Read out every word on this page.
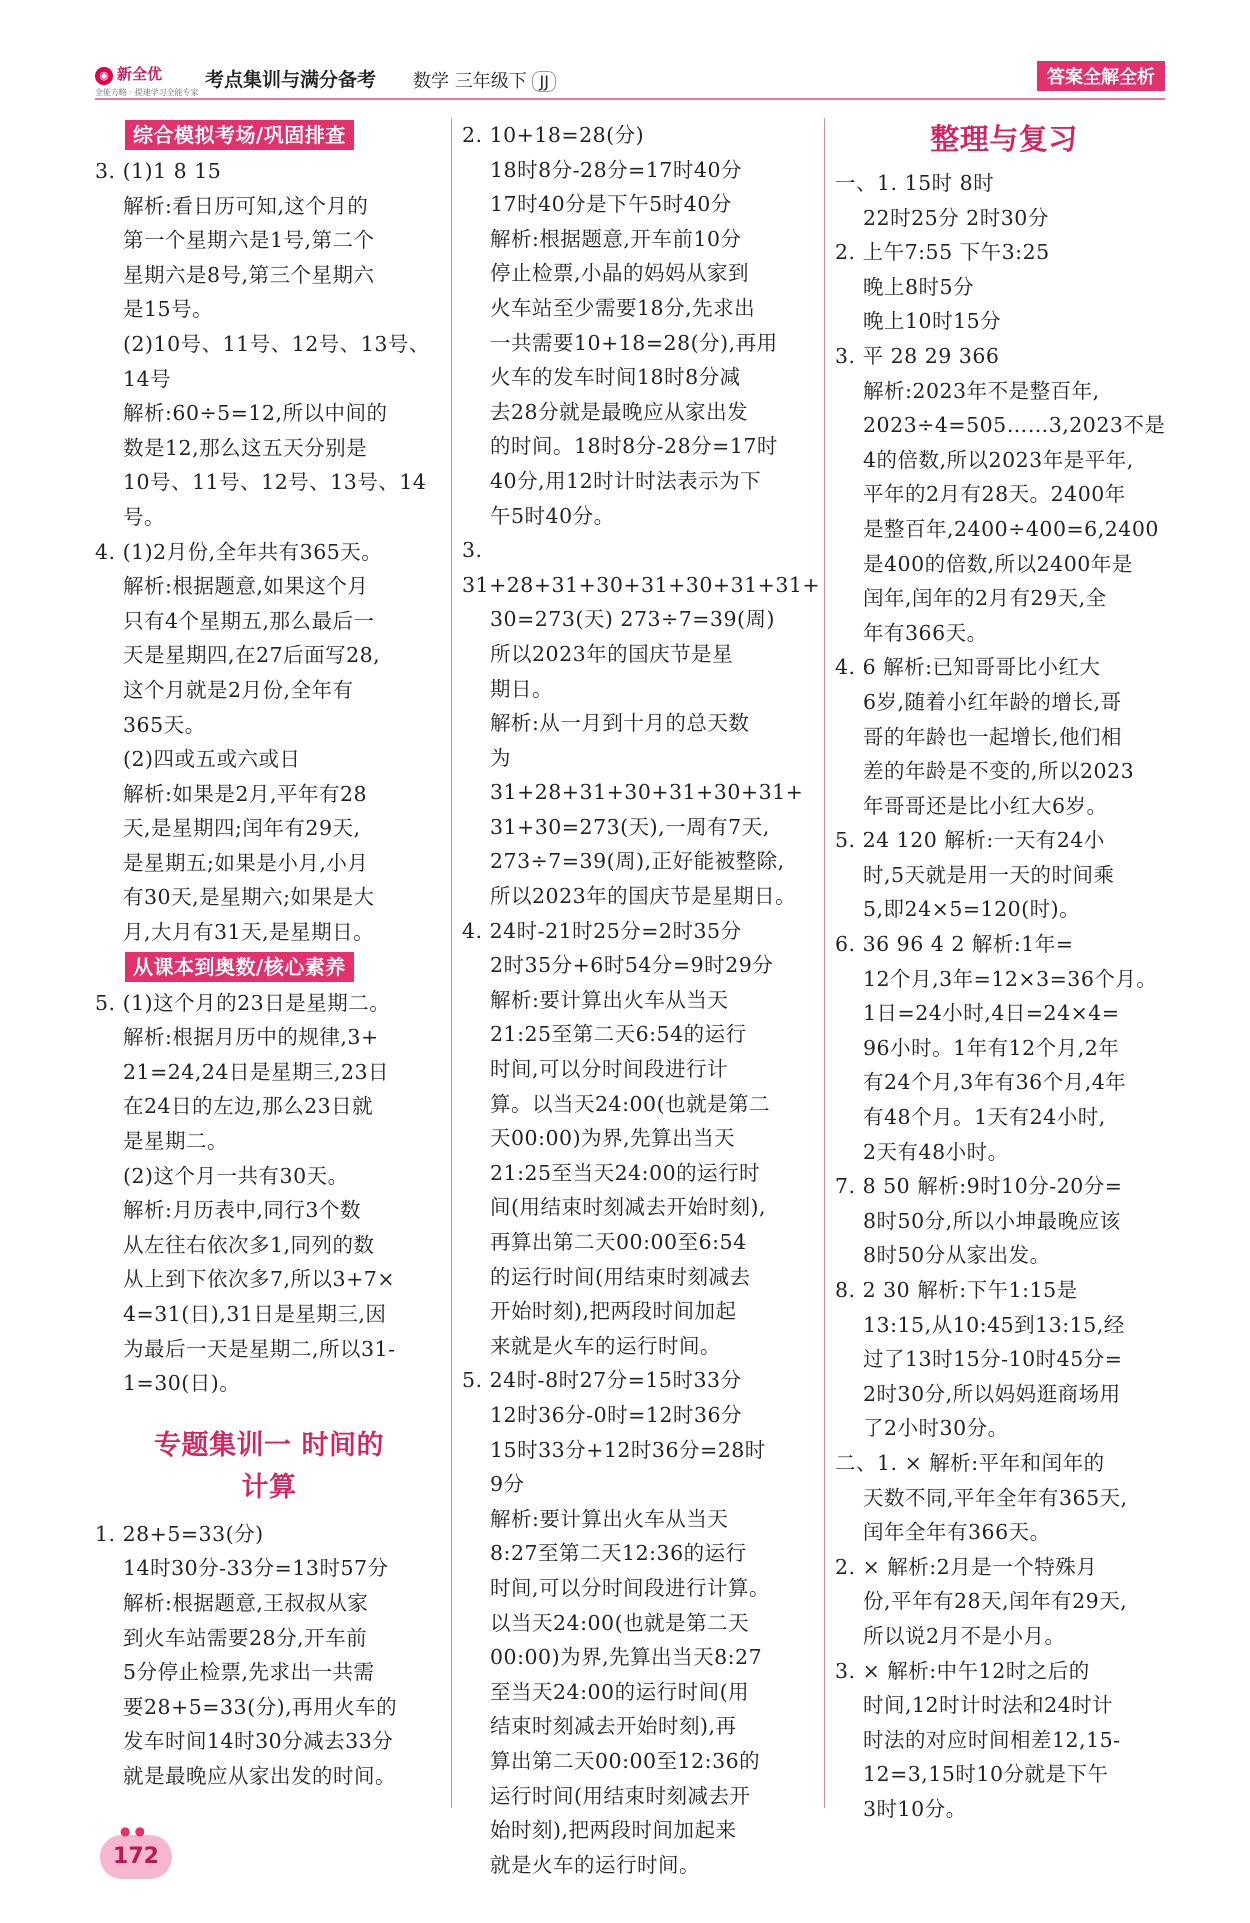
◉ 新全优
全能方略 · 提速学习全能专家
考点集训与满分备考 数学 三年级下 JJ	答案全解全析
综合模拟考场/巩固排查
3. (1)1 8 15
解析:看日历可知,这个月的
第一个星期六是1号,第二个
星期六是8号,第三个星期六
是15号。
(2)10号、11号、12号、13号、
14号
解析:60÷5=12,所以中间的
数是12,那么这五天分别是
10号、11号、12号、13号、14号。
4. (1)2月份,全年共有365天。
解析:根据题意,如果这个月
只有4个星期五,那么最后一
天是星期四,在27后面写28,
这个月就是2月份,全年有
365天。
(2)四或五或六或日
解析:如果是2月,平年有28
天,是星期四;闰年有29天,
是星期五;如果是小月,小月
有30天,是星期六;如果是大
月,大月有31天,是星期日。
从课本到奥数/核心素养
5. (1)这个月的23日是星期二。
解析:根据月历中的规律,3+
21=24,24日是星期三,23日
在24日的左边,那么23日就
是星期二。
(2)这个月一共有30天。
解析:月历表中,同行3个数
从左往右依次多1,同列的数
从上到下依次多7,所以3+7×
4=31(日),31日是星期三,因
为最后一天是星期二,所以31-
1=30(日)。
专题集训一 时间的
计算
1. 28+5=33(分)
14时30分-33分=13时57分
解析:根据题意,王叔叔从家
到火车站需要28分,开车前
5分停止检票,先求出一共需
要28+5=33(分),再用火车的
发车时间14时30分减去33分
就是最晚应从家出发的时间。
2. 10+18=28(分)
18时8分-28分=17时40分
17时40分是下午5时40分
解析:根据题意,开车前10分
停止检票,小晶的妈妈从家到
火车站至少需要18分,先求出
一共需要10+18=28(分),再用
火车的发车时间18时8分减
去28分就是最晚应从家出发
的时间。18时8分-28分=17时
40分,用12时计时法表示为下
午5时40分。
3. 31+28+31+30+31+30+31+31+
30=273(天) 273÷7=39(周)
所以2023年的国庆节是星
期日。
解析:从一月到十月的总天数
为31+28+31+30+31+30+31+
31+30=273(天),一周有7天,
273÷7=39(周),正好能被整除,
所以2023年的国庆节是星期日。
4. 24时-21时25分=2时35分
2时35分+6时54分=9时29分
解析:要计算出火车从当天
21:25至第二天6:54的运行
时间,可以分时间段进行计
算。以当天24:00(也就是第二
天00:00)为界,先算出当天
21:25至当天24:00的运行时
间(用结束时刻减去开始时刻),
再算出第二天00:00至6:54
的运行时间(用结束时刻减去
开始时刻),把两段时间加起
来就是火车的运行时间。
5. 24时-8时27分=15时33分
12时36分-0时=12时36分
15时33分+12时36分=28时
9分
解析:要计算出火车从当天
8:27至第二天12:36的运行
时间,可以分时间段进行计算。
以当天24:00(也就是第二天
00:00)为界,先算出当天8:27
至当天24:00的运行时间(用
结束时刻减去开始时刻),再
算出第二天00:00至12:36的
运行时间(用结束时刻减去开
始时刻),把两段时间加起来
就是火车的运行时间。
整理与复习
一、1. 15时 8时
22时25分 2时30分
2. 上午7:55 下午3:25
晚上8时5分
晚上10时15分
3. 平 28 29 366
解析:2023年不是整百年,
2023÷4=505……3,2023不是
4的倍数,所以2023年是平年,
平年的2月有28天。2400年
是整百年,2400÷400=6,2400
是400的倍数,所以2400年是
闰年,闰年的2月有29天,全
年有366天。
4. 6 解析:已知哥哥比小红大
6岁,随着小红年龄的增长,哥
哥的年龄也一起增长,他们相
差的年龄是不变的,所以2023
年哥哥还是比小红大6岁。
5. 24 120 解析:一天有24小
时,5天就是用一天的时间乘
5,即24×5=120(时)。
6. 36 96 4 2 解析:1年=
12个月,3年=12×3=36个月。
1日=24小时,4日=24×4=
96小时。1年有12个月,2年
有24个月,3年有36个月,4年
有48个月。1天有24小时,
2天有48小时。
7. 8 50 解析:9时10分-20分=
8时50分,所以小坤最晚应该
8时50分从家出发。
8. 2 30 解析:下午1:15是
13:15,从10:45到13:15,经
过了13时15分-10时45分=
2时30分,所以妈妈逛商场用
了2小时30分。
二、1. × 解析:平年和闰年的
天数不同,平年全年有365天,
闰年全年有366天。
2. × 解析:2月是一个特殊月
份,平年有28天,闰年有29天,
所以说2月不是小月。
3. × 解析:中午12时之后的
时间,12时计时法和24时计
时法的对应时间相差12,15-
12=3,15时10分就是下午
3时10分。
● ●
172
